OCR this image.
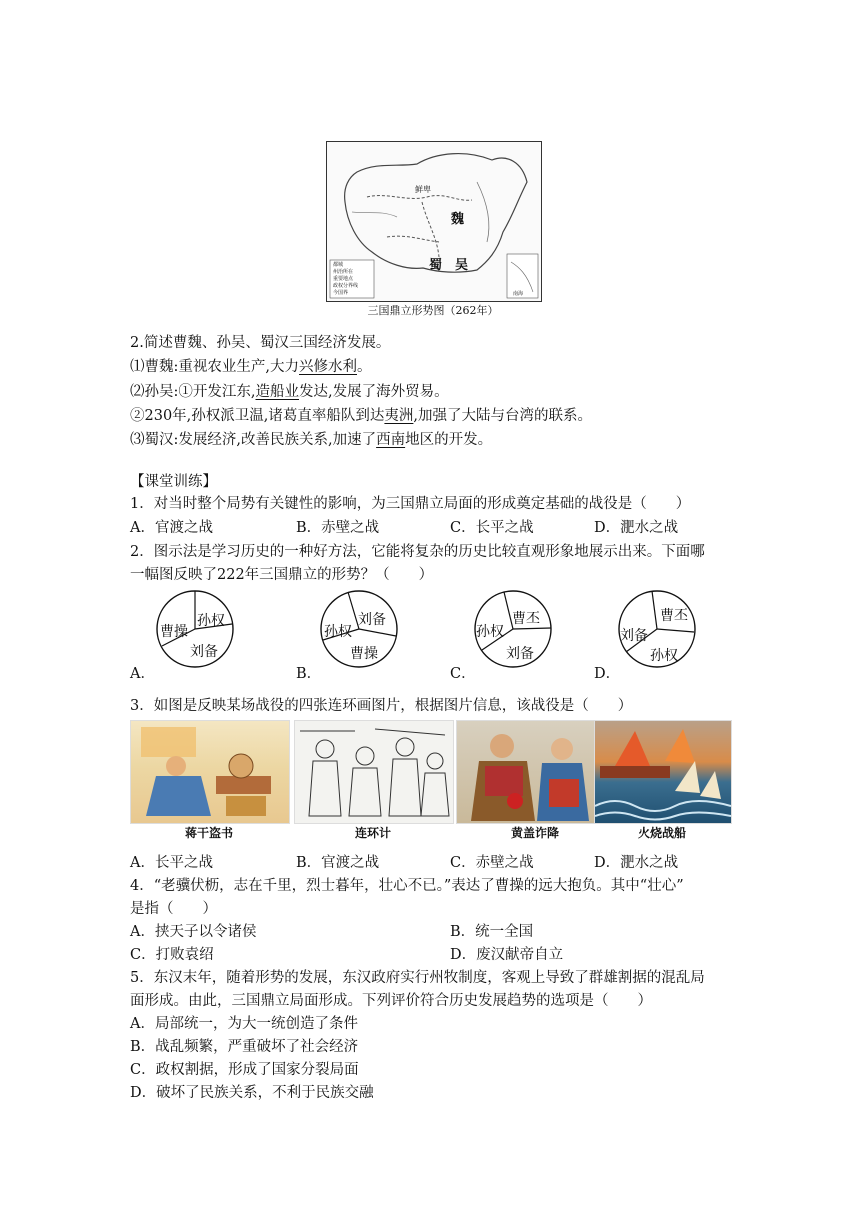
魏
蜀 吴
鲜卑
都城
州治所在
重要地点
政权分界线
今国界	南海
三国鼎立形势图（262年）
2.简述曹魏、孙吴、蜀汉三国经济发展。
⑴曹魏:重视农业生产,大力兴修水利。
⑵孙吴:①开发江东,造船业发达,发展了海外贸易。
②230年,孙权派卫温,诸葛直率船队到达夷洲,加强了大陆与台湾的联系。
⑶蜀汉:发展经济,改善民族关系,加速了西南地区的开发。
【课堂训练】
1．对当时整个局势有关键性的影响，为三国鼎立局面的形成奠定基础的战役是（　　）
A．官渡之战	B．赤壁之战	C．长平之战	D．淝水之战
2．图示法是学习历史的一种好方法，它能将复杂的历史比较直观形象地展示出来。下面哪
一幅图反映了222年三国鼎立的形势？（　　）
A．
孙权
曹操
刘备
B．
刘备
孙权
曹操
C．
曹丕
孙权
刘备
D．
曹丕
刘备
孙权
3．如图是反映某场战役的四张连环画图片，根据图片信息，该战役是（　　）
蒋干盗书	连环计	黄盖诈降	火烧战船
A．长平之战	B．官渡之战	C．赤壁之战	D．淝水之战
4．“老骥伏枥，志在千里，烈士暮年，壮心不已。”表达了曹操的远大抱负。其中“壮心”
是指（　　）
A．挟天子以令诸侯	B．统一全国
C．打败袁绍	D．废汉献帝自立
5．东汉末年，随着形势的发展，东汉政府实行州牧制度，客观上导致了群雄割据的混乱局
面形成。由此，三国鼎立局面形成。下列评价符合历史发展趋势的选项是（　　）
A．局部统一，为大一统创造了条件
B．战乱频繁，严重破坏了社会经济
C．政权割据，形成了国家分裂局面
D．破坏了民族关系，不利于民族交融
